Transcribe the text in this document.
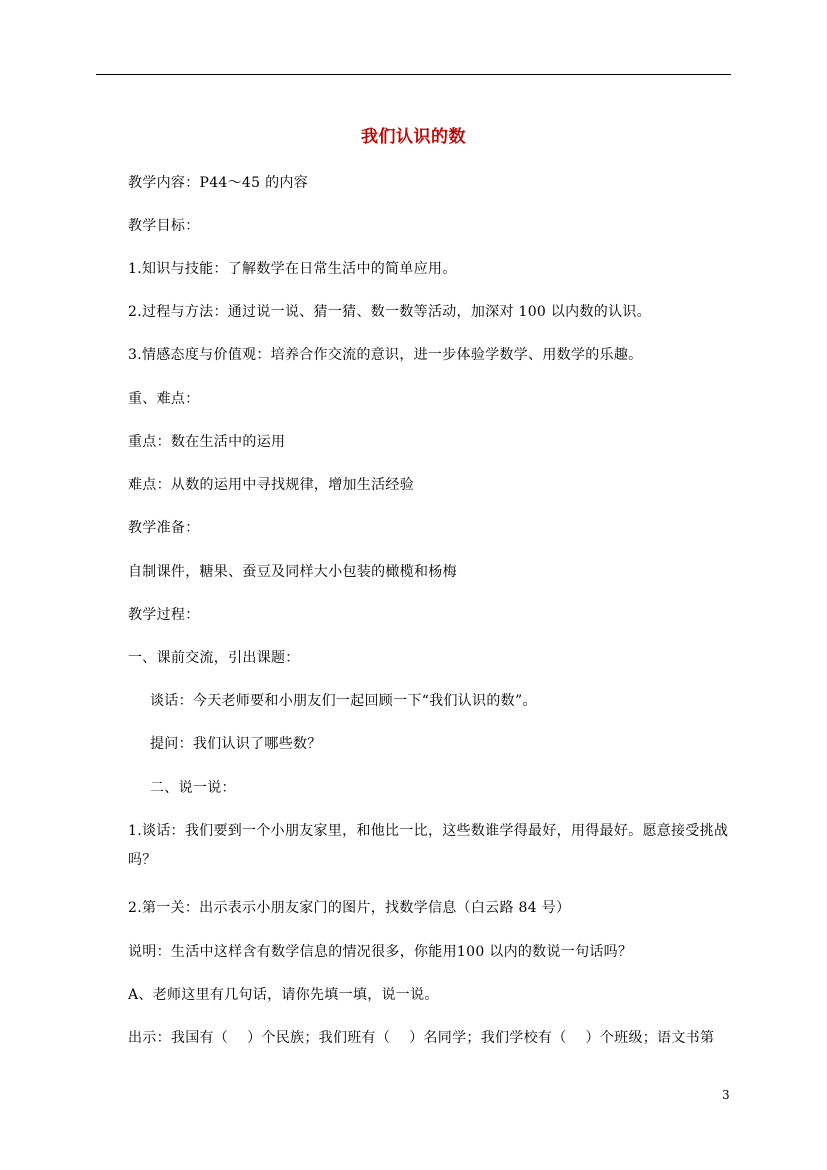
我们认识的数
教学内容：P44～45 的内容
教学目标：
1.知识与技能：了解数学在日常生活中的简单应用。
2.过程与方法：通过说一说、猜一猜、数一数等活动，加深对 100 以内数的认识。
3.情感态度与价值观：培养合作交流的意识，进一步体验学数学、用数学的乐趣。
重、难点：
重点：数在生活中的运用
难点：从数的运用中寻找规律，增加生活经验
教学准备：
自制课件，糖果、蚕豆及同样大小包装的橄榄和杨梅
教学过程：
一、课前交流，引出课题：
谈话：今天老师要和小朋友们一起回顾一下“我们认识的数”。
提问：我们认识了哪些数？
二、说一说：
1.谈话：我们要到一个小朋友家里，和他比一比，这些数谁学得最好，用得最好。愿意接受挑战吗？
2.第一关：出示表示小朋友家门的图片，找数学信息（白云路 84 号）
说明：生活中这样含有数学信息的情况很多，你能用100 以内的数说一句话吗？
A、老师这里有几句话，请你先填一填，说一说。
出示：我国有（　 ）个民族；我们班有（　 ）名同学；我们学校有（　 ）个班级；语文书第
3
